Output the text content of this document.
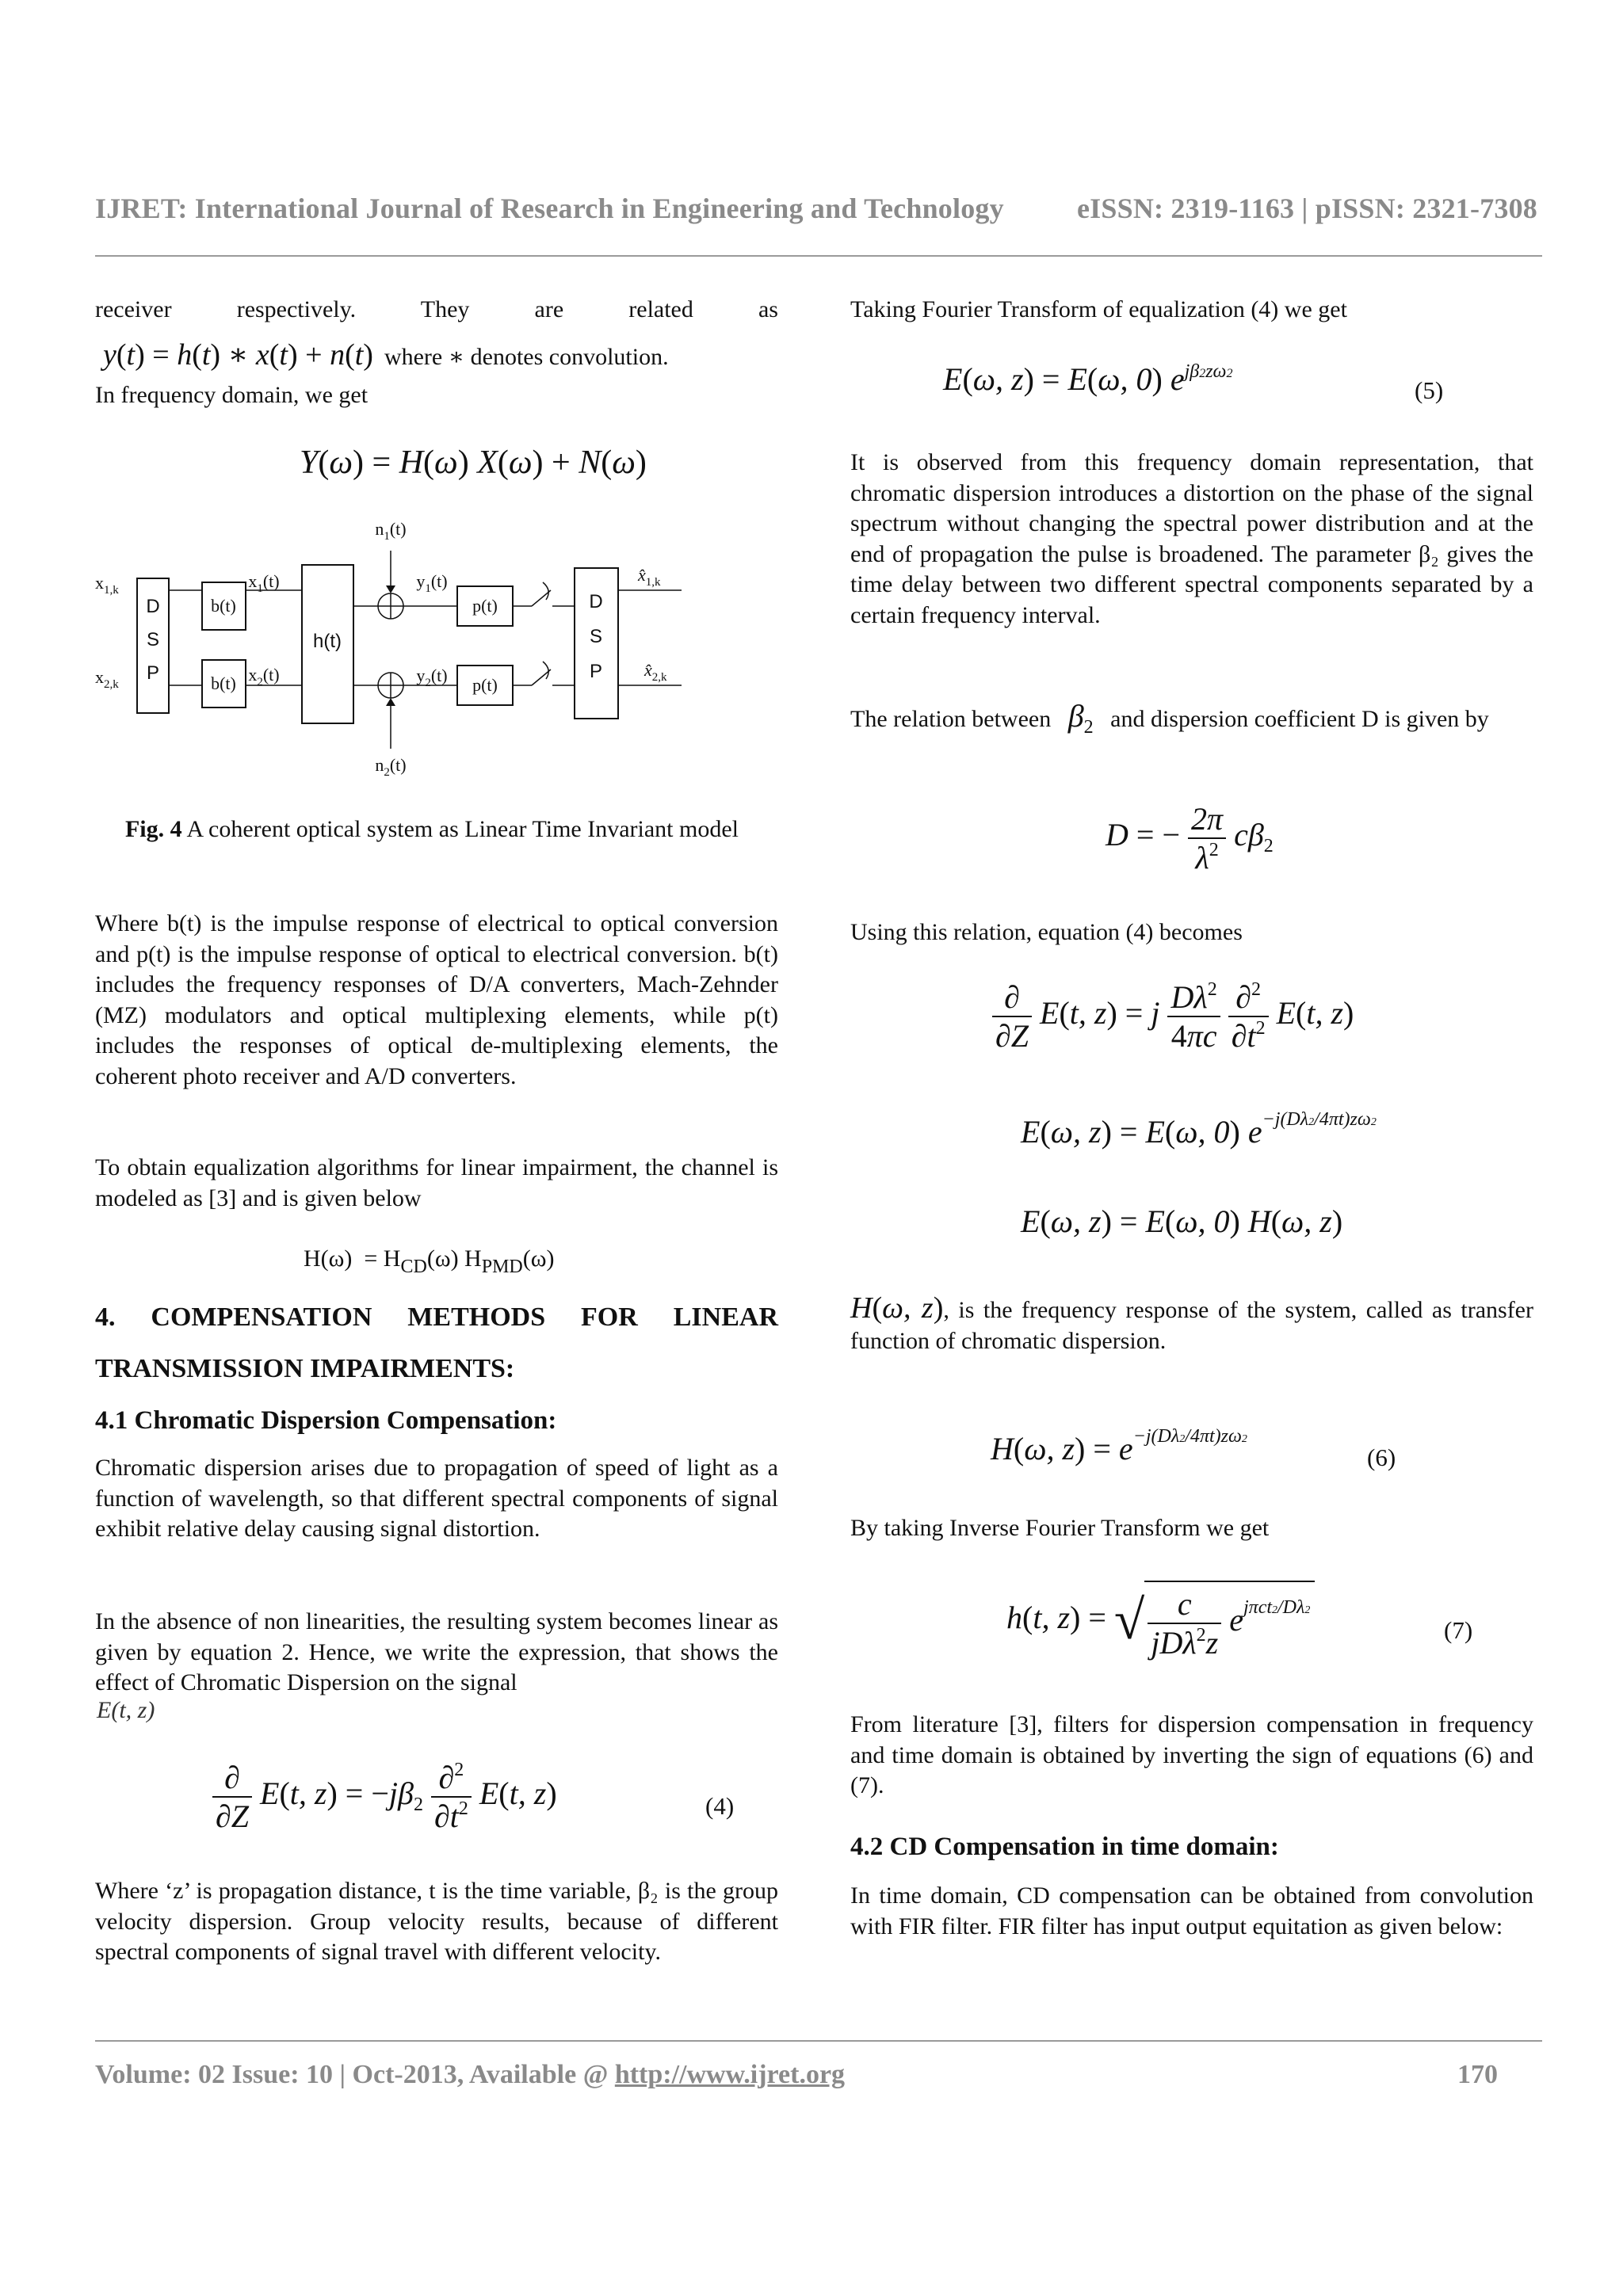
IJRET: International Journal of Research in Engineering and Technology	eISSN: 2319-1163 | pISSN: 2321-7308
receiver respectively. They are related as
y(t) = h(t) ∗ x(t) + n(t) where ∗ denotes convolution.
In frequency domain, we get
Y(ω) = H(ω) X(ω) + N(ω)
D
S
P
$x_{1,k}$
$x_{2,k}$
b(t)
b(t)
$x_1(t)$
$x_2(t)$
h(t)
$n_1(t)$
$n_2(t)$
$y_1(t)$
$y_2(t)$
p(t)
p(t)
D
S
P
$x̂_{1,k}$
$x̂_{2,k}$
Fig. 4 A coherent optical system as Linear Time Invariant model
Where b(t) is the impulse response of electrical to optical conversion and p(t) is the impulse response of optical to electrical conversion. b(t) includes the frequency responses of D/A converters, Mach-Zehnder (MZ) modulators and optical multiplexing elements, while p(t) includes the responses of optical de-multiplexing elements, the coherent photo receiver and A/D converters.
To obtain equalization algorithms for linear impairment, the channel is modeled as [3] and is given below
$H(\omega) = H_{CD}(\omega)$ $H_{PMD}(\omega)$
4. COMPENSATION METHODS FOR LINEAR
TRANSMISSION IMPAIRMENTS:
4.1 Chromatic Dispersion Compensation:
Chromatic dispersion arises due to propagation of speed of light as a function of wavelength, so that different spectral components of signal exhibit relative delay causing signal distortion.
In the absence of non linearities, the resulting system becomes linear as given by equation 2. Hence, we write the expression, that shows the effect of Chromatic Dispersion on the signal
E(t, z)
$\frac{\partial}{\partial Z} E(t$, $z) = -j\beta_2 \frac{\partial^2}{\partial t^2} E(t$, z)	(4)
Where ‘z’ is propagation distance, t is the time variable, β₂ is the group velocity dispersion. Group velocity results, because of different spectral components of signal travel with different velocity.
Taking Fourier Transform of equalization (4) we get
E(ω, z) = E(ω, 0) $e^{j\beta 2z\omega 2}$
(5)
It is observed from this frequency domain representation, that chromatic dispersion introduces a distortion on the phase of the signal spectrum without changing the spectral power distribution and at the end of propagation the pulse is broadened. The parameter β₂ gives the time delay between two different spectral components separated by a certain frequency interval.
The relation between $\beta_2$ and dispersion coefficient D is given by
D = − $\frac{2\pi}{\lambda^2} c\beta_2$
Using this relation, equation (4) becomes
$\frac{\partial}{\partial Z} E(t$, z) = j $\frac{D\lambda^2}{4\pi c}$
$\frac{\partial^2}{\partial t^2} E(t$, z)
E(ω, z) = E(ω, 0) $e^{-j(D\lambda 2/4\pi t)z\omega 2}$
E(ω, z) = E(ω, 0) H(ω, z)
H(ω, z), is the frequency response of the system, called as transfer function of chromatic dispersion.
H(ω, $z) = e^{-j(D\lambda 2/4\pi t)z\omega 2}$
(6)
By taking Inverse Fourier Transform we get
h(t, z) = √ $\frac{c}{jD\lambda^2z} e^{j\pi ct2/D\lambda 2}$
(7)
From literature [3], filters for dispersion compensation in frequency and time domain is obtained by inverting the sign of equations (6) and (7).
4.2 CD Compensation in time domain:
In time domain, CD compensation can be obtained from convolution with FIR filter. FIR filter has input output equitation as given below:
Volume: 02 Issue: 10 | Oct-2013, Available @ http://www.ijret.org	170
